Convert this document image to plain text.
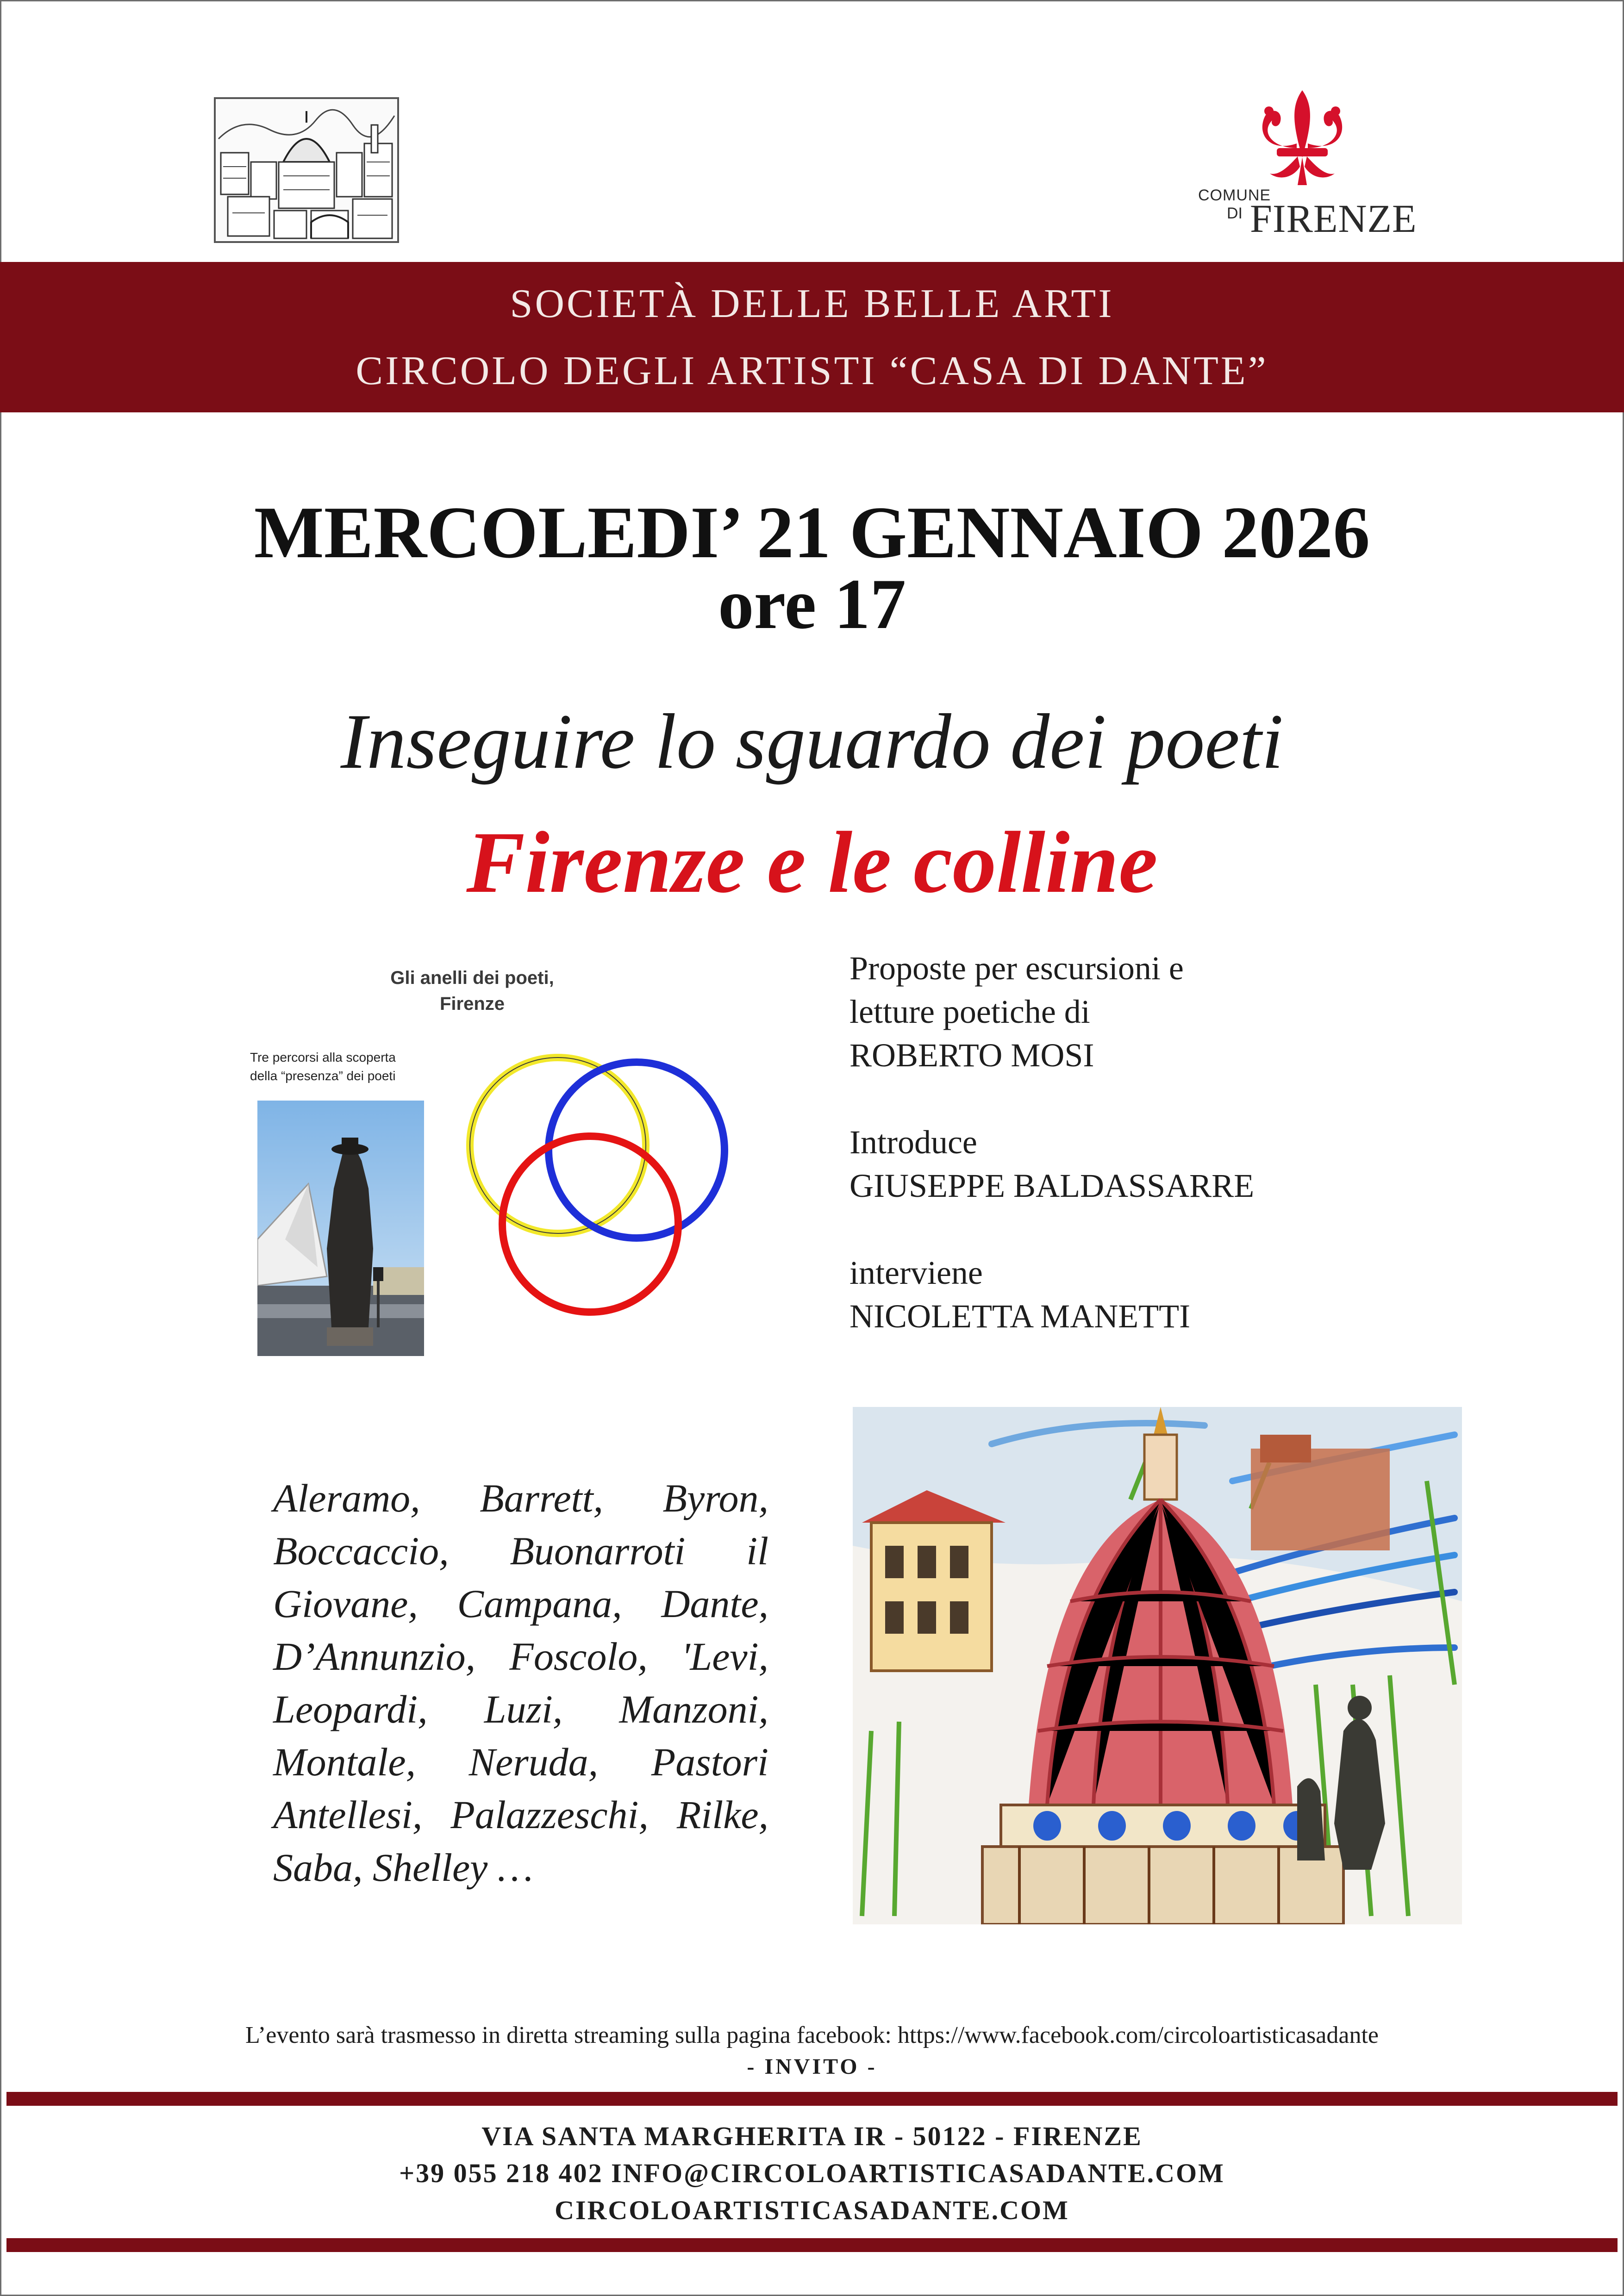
COMUNE
DI FIRENZE
SOCIETÀ DELLE BELLE ARTI
CIRCOLO DEGLI ARTISTI “CASA DI DANTE”
MERCOLEDI’ 21 GENNAIO 2026
ore 17
Inseguire lo sguardo dei poeti
Firenze e le colline
Gli anelli dei poeti,
Firenze
Tre percorsi alla scoperta
della “presenza” dei poeti

Proposte per escursioni e

letture poetiche di

ROBERTO MOSI

Introduce

GIUSEPPE BALDASSARRE

interviene

NICOLETTA MANETTI

Aleramo, Barrett, Byron, Boccaccio, Buonarroti il Giovane, Campana, Dante, D’Annunzio, Foscolo, 'Levi, Leopardi, Luzi, Manzoni, Montale, Neruda, Pastori Antellesi, Palazzeschi, Rilke, Saba, Shelley …
L’evento sarà trasmesso in diretta streaming sulla pagina facebook: https://www.facebook.com/circoloartisticasadante
- INVITO -
VIA SANTA MARGHERITA IR - 50122 - FIRENZE
+39 055 218 402 INFO@CIRCOLOARTISTICASADANTE.COM
CIRCOLOARTISTICASADANTE.COM
